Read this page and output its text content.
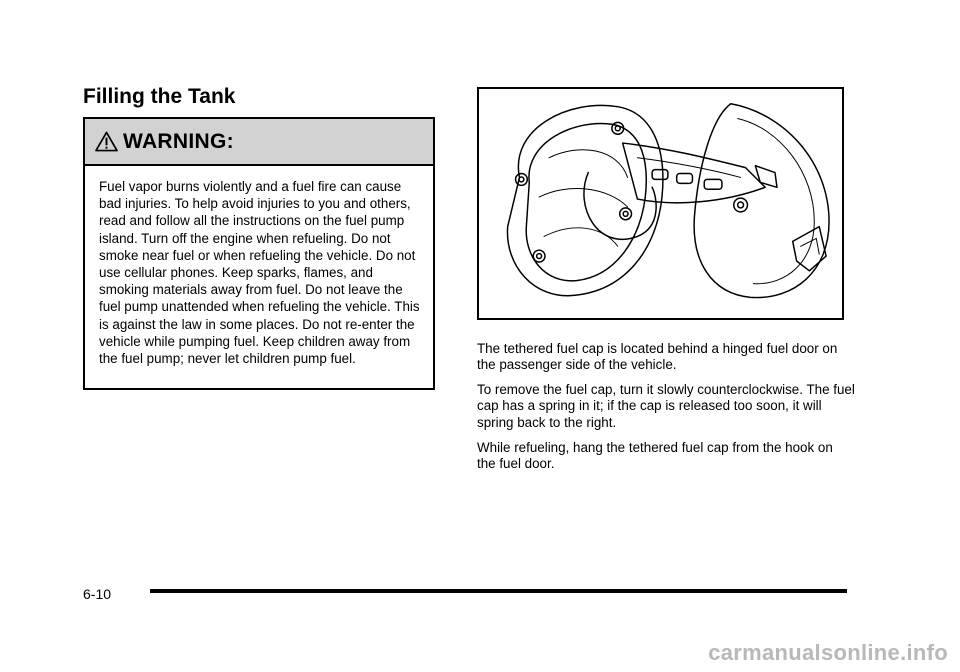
Filling the Tank
WARNING:

Fuel vapor burns violently and a fuel fire can cause bad injuries. To help avoid injuries to you and others, read and follow all the instructions on the fuel pump island. Turn off the engine when refueling. Do not smoke near fuel or when refueling the vehicle. Do not use cellular phones. Keep sparks, flames, and smoking materials away from fuel. Do not leave the fuel pump unattended when refueling the vehicle. This is against the law in some places. Do not re-enter the vehicle while pumping fuel. Keep children away from the fuel pump; never let children pump fuel.

The tethered fuel cap is located behind a hinged fuel door on the passenger side of the vehicle.

To remove the fuel cap, turn it slowly counterclockwise. The fuel cap has a spring in it; if the cap is released too soon, it will spring back to the right.

While refueling, hang the tethered fuel cap from the hook on the fuel door.

6-10
carmanualsonline.info
